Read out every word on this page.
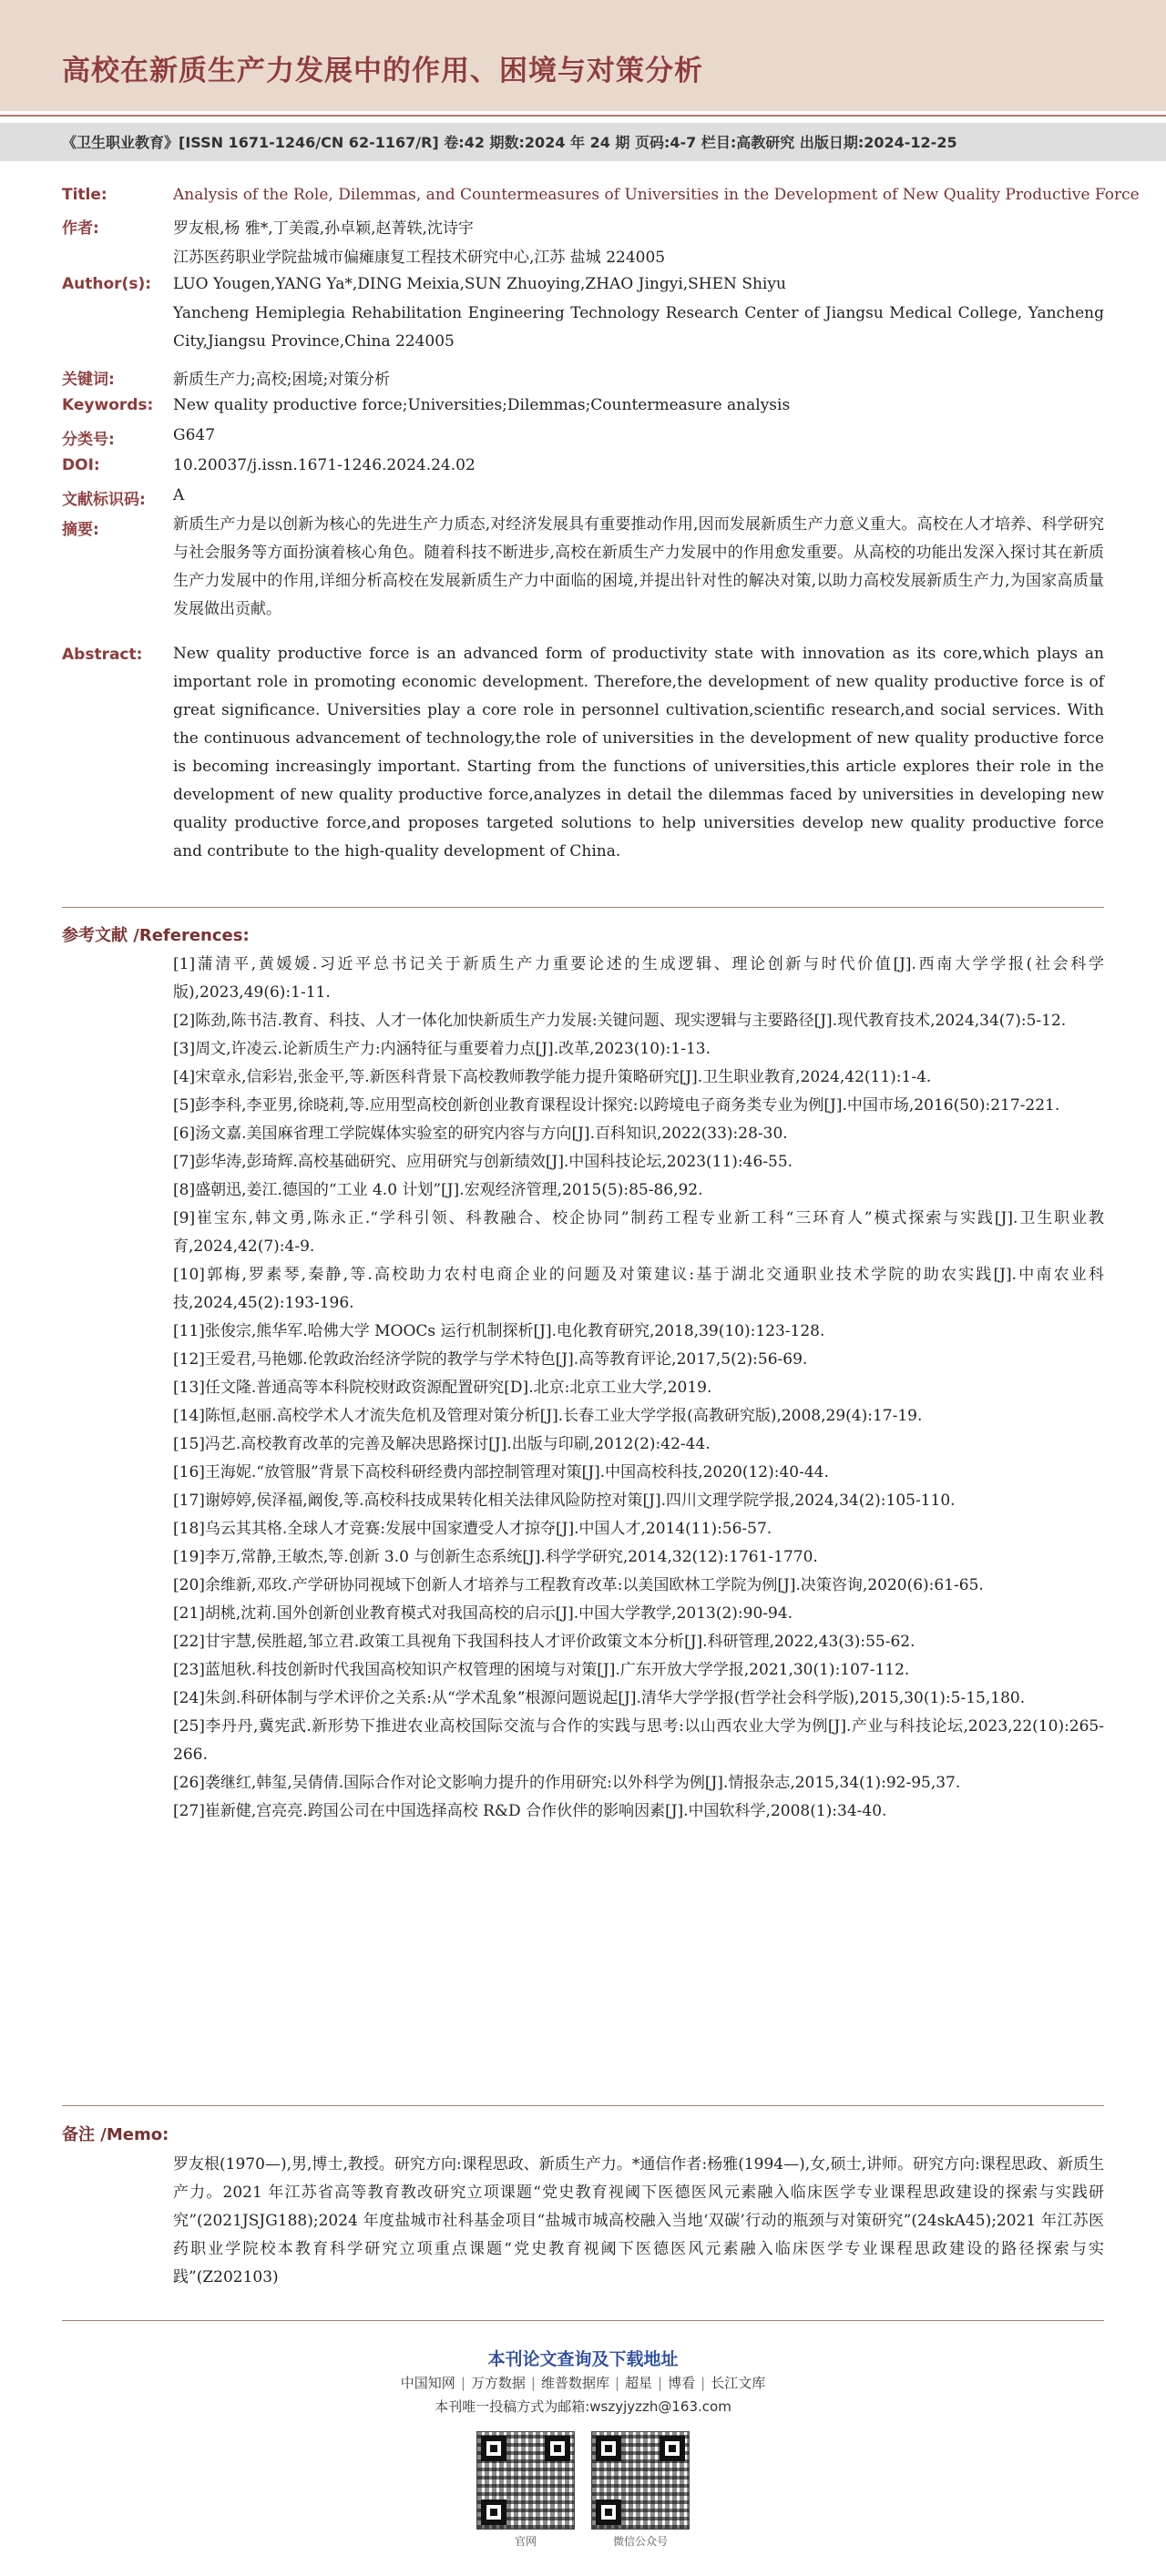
高校在新质生产力发展中的作用、困境与对策分析
《卫生职业教育》[ISSN 1671-1246/CN 62-1167/R] 卷:42 期数:2024 年 24 期 页码:4-7 栏目:高教研究 出版日期:2024-12-25
Title:	Analysis of the Role, Dilemmas, and Countermeasures of Universities in the Development of New Quality Productive Force
作者:	罗友根,杨 雅*,丁美霞,孙卓颖,赵菁轶,沈诗宇
江苏医药职业学院盐城市偏瘫康复工程技术研究中心,江苏 盐城 224005
Author(s): LUO Yougen,YANG Ya*,DING Meixia,SUN Zhuoying,ZHAO Jingyi,SHEN Shiyu
Yancheng Hemiplegia Rehabilitation Engineering Technology Research Center of Jiangsu Medical College, Yancheng City,Jiangsu Province,China 224005
关键词:	新质生产力;高校;困境;对策分析
Keywords: New quality productive force;Universities;Dilemmas;Countermeasure analysis
分类号:	G647
DOI:	10.20037/j.issn.1671-1246.2024.24.02
文献标识码: A
摘要:	新质生产力是以创新为核心的先进生产力质态,对经济发展具有重要推动作用,因而发展新质生产力意义重大。高校在人才培养、科学研究与社会服务等方面扮演着核心角色。随着科技不断进步,高校在新质生产力发展中的作用愈发重要。从高校的功能出发深入探讨其在新质生产力发展中的作用,详细分析高校在发展新质生产力中面临的困境,并提出针对性的解决对策,以助力高校发展新质生产力,为国家高质量发展做出贡献。
Abstract: New quality productive force is an advanced form of productivity state with innovation as its core,which plays an important role in promoting economic development. Therefore,the development of new quality productive force is of great significance. Universities play a core role in personnel cultivation,scientific research,and social services. With the continuous advancement of technology,the role of universities in the development of new quality productive force is becoming increasingly important. Starting from the functions of universities,this article explores their role in the development of new quality productive force,analyzes in detail the dilemmas faced by universities in developing new quality productive force,and proposes targeted solutions to help universities develop new quality productive force and contribute to the high-quality development of China.
参考文献 /References:
[1]蒲清平,黄媛媛.习近平总书记关于新质生产力重要论述的生成逻辑、理论创新与时代价值[J].西南大学学报(社会科学版),2023,49(6):1-11.
[2]陈劲,陈书洁.教育、科技、人才一体化加快新质生产力发展:关键问题、现实逻辑与主要路径[J].现代教育技术,2024,34(7):5-12.
[3]周文,许凌云.论新质生产力:内涵特征与重要着力点[J].改革,2023(10):1-13.
[4]宋章永,信彩岩,张金平,等.新医科背景下高校教师教学能力提升策略研究[J].卫生职业教育,2024,42(11):1-4.
[5]彭李科,李亚男,徐晓莉,等.应用型高校创新创业教育课程设计探究:以跨境电子商务类专业为例[J].中国市场,2016(50):217-221.
[6]汤文嘉.美国麻省理工学院媒体实验室的研究内容与方向[J].百科知识,2022(33):28-30.
[7]彭华涛,彭琦辉.高校基础研究、应用研究与创新绩效[J].中国科技论坛,2023(11):46-55.
[8]盛朝迅,姜江.德国的“工业 4.0 计划”[J].宏观经济管理,2015(5):85-86,92.
[9]崔宝东,韩文勇,陈永正.“学科引领、科教融合、校企协同”制药工程专业新工科“三环育人”模式探索与实践[J].卫生职业教育,2024,42(7):4-9.
[10]郭梅,罗素琴,秦静,等.高校助力农村电商企业的问题及对策建议:基于湖北交通职业技术学院的助农实践[J].中南农业科技,2024,45(2):193-196.
[11]张俊宗,熊华军.哈佛大学 MOOCs 运行机制探析[J].电化教育研究,2018,39(10):123-128.
[12]王爱君,马艳娜.伦敦政治经济学院的教学与学术特色[J].高等教育评论,2017,5(2):56-69.
[13]任文隆.普通高等本科院校财政资源配置研究[D].北京:北京工业大学,2019.
[14]陈恒,赵丽.高校学术人才流失危机及管理对策分析[J].长春工业大学学报(高教研究版),2008,29(4):17-19.
[15]冯艺.高校教育改革的完善及解决思路探讨[J].出版与印刷,2012(2):42-44.
[16]王海妮.“放管服”背景下高校科研经费内部控制管理对策[J].中国高校科技,2020(12):40-44.
[17]谢婷婷,侯泽福,阚俊,等.高校科技成果转化相关法律风险防控对策[J].四川文理学院学报,2024,34(2):105-110.
[18]乌云其其格.全球人才竞赛:发展中国家遭受人才掠夺[J].中国人才,2014(11):56-57.
[19]李万,常静,王敏杰,等.创新 3.0 与创新生态系统[J].科学学研究,2014,32(12):1761-1770.
[20]余维新,邓玫.产学研协同视域下创新人才培养与工程教育改革:以美国欧林工学院为例[J].决策咨询,2020(6):61-65.
[21]胡桃,沈莉.国外创新创业教育模式对我国高校的启示[J].中国大学教学,2013(2):90-94.
[22]甘宇慧,侯胜超,邹立君.政策工具视角下我国科技人才评价政策文本分析[J].科研管理,2022,43(3):55-62.
[23]蓝旭秋.科技创新时代我国高校知识产权管理的困境与对策[J].广东开放大学学报,2021,30(1):107-112.
[24]朱剑.科研体制与学术评价之关系:从“学术乱象”根源问题说起[J].清华大学学报(哲学社会科学版),2015,30(1):5-15,180.
[25]李丹丹,冀宪武.新形势下推进农业高校国际交流与合作的实践与思考:以山西农业大学为例[J].产业与科技论坛,2023,22(10):265-266.
[26]袭继红,韩玺,吴倩倩.国际合作对论文影响力提升的作用研究:以外科学为例[J].情报杂志,2015,34(1):92-95,37.
[27]崔新健,宫亮亮.跨国公司在中国选择高校 R&D 合作伙伴的影响因素[J].中国软科学,2008(1):34-40.
备注 /Memo:
罗友根(1970—),男,博士,教授。研究方向:课程思政、新质生产力。*通信作者:杨雅(1994—),女,硕士,讲师。研究方向:课程思政、新质生产力。2021 年江苏省高等教育教改研究立项课题“党史教育视阈下医德医风元素融入临床医学专业课程思政建设的探索与实践研究”(2021JSJG188);2024 年度盐城市社科基金项目“盐城市城高校融入当地‘双碳’行动的瓶颈与对策研究”(24skA45);2021 年江苏医药职业学院校本教育科学研究立项重点课题“党史教育视阈下医德医风元素融入临床医学专业课程思政建设的路径探索与实践”(Z202103)
本刊论文查询及下载地址
中国知网 | 万方数据 | 维普数据库 | 超星 | 博看 | 长江文库
本刊唯一投稿方式为邮箱:wszyjyzzh@163.com
官网	微信公众号
